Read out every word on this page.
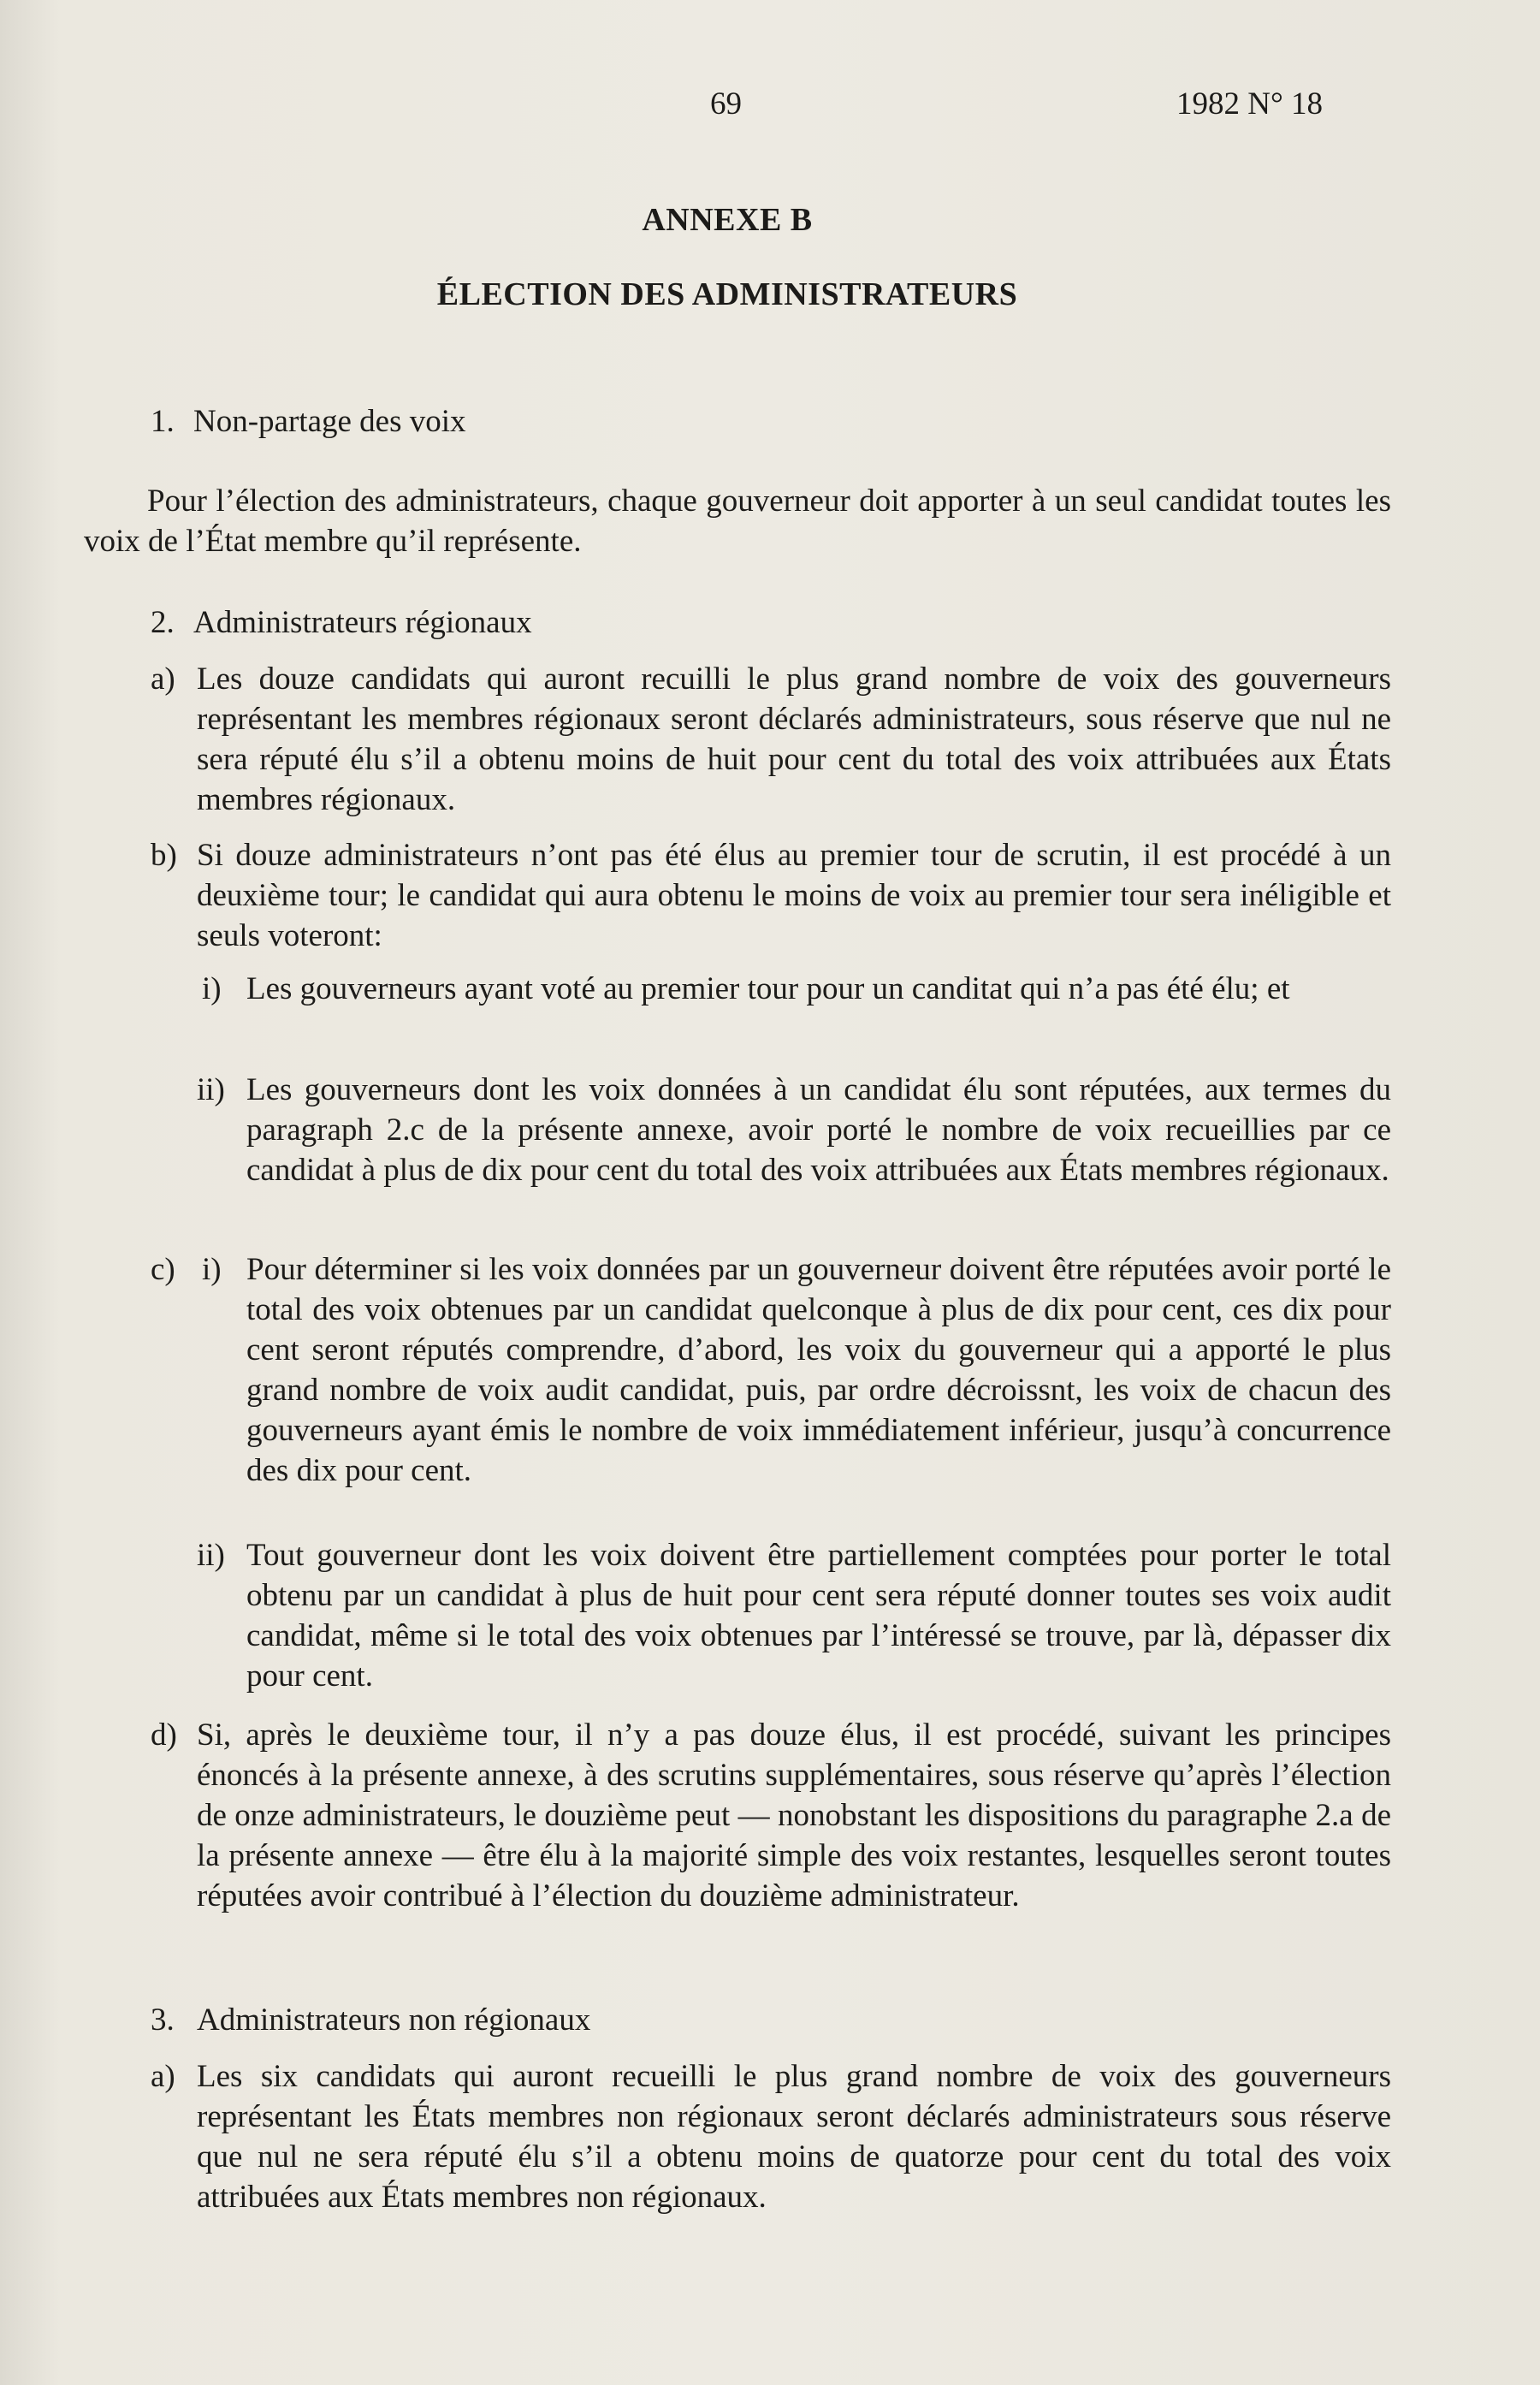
69	1982 N° 18
ANNEXE B
ÉLECTION DES ADMINISTRATEURS
1. Non-partage des voix
Pour l’élection des administrateurs, chaque gouverneur doit apporter à un seul candidat toutes les voix de l’État membre qu’il représente.
2. Administrateurs régionaux
a) Les douze candidats qui auront recuilli le plus grand nombre de voix des gouverneurs représentant les membres régionaux seront déclarés administrateurs, sous réserve que nul ne sera réputé élu s’il a obtenu moins de huit pour cent du total des voix attribuées aux États membres régionaux.
b) Si douze administrateurs n’ont pas été élus au premier tour de scrutin, il est procédé à un deuxième tour; le candidat qui aura obtenu le moins de voix au premier tour sera inéligible et seuls voteront:
i) Les gouverneurs ayant voté au premier tour pour un canditat qui n’a pas été élu; et
ii) Les gouverneurs dont les voix données à un candidat élu sont réputées, aux termes du paragraph 2.c de la présente annexe, avoir porté le nombre de voix recueillies par ce candidat à plus de dix pour cent du total des voix attribuées aux États membres régionaux.
c) i) Pour déterminer si les voix données par un gouverneur doivent être réputées avoir porté le total des voix obtenues par un candidat quelconque à plus de dix pour cent, ces dix pour cent seront réputés comprendre, d’abord, les voix du gouverneur qui a apporté le plus grand nombre de voix audit candidat, puis, par ordre décroissnt, les voix de chacun des gouverneurs ayant émis le nombre de voix immédiatement inférieur, jusqu’à concurrence des dix pour cent.
ii) Tout gouverneur dont les voix doivent être partiellement comptées pour porter le total obtenu par un candidat à plus de huit pour cent sera réputé donner toutes ses voix audit candidat, même si le total des voix obtenues par l’intéressé se trouve, par là, dépasser dix pour cent.
d) Si, après le deuxième tour, il n’y a pas douze élus, il est procédé, suivant les principes énoncés à la présente annexe, à des scrutins supplémentaires, sous réserve qu’après l’élection de onze administrateurs, le douzième peut — nonobstant les dispositions du paragraphe 2.a de la présente annexe — être élu à la majorité simple des voix restantes, lesquelles seront toutes réputées avoir contribué à l’élection du douzième administrateur.
3. Administrateurs non régionaux
a) Les six candidats qui auront recueilli le plus grand nombre de voix des gouverneurs représentant les États membres non régionaux seront déclarés administrateurs sous réserve que nul ne sera réputé élu s’il a obtenu moins de quatorze pour cent du total des voix attribuées aux États membres non régionaux.
